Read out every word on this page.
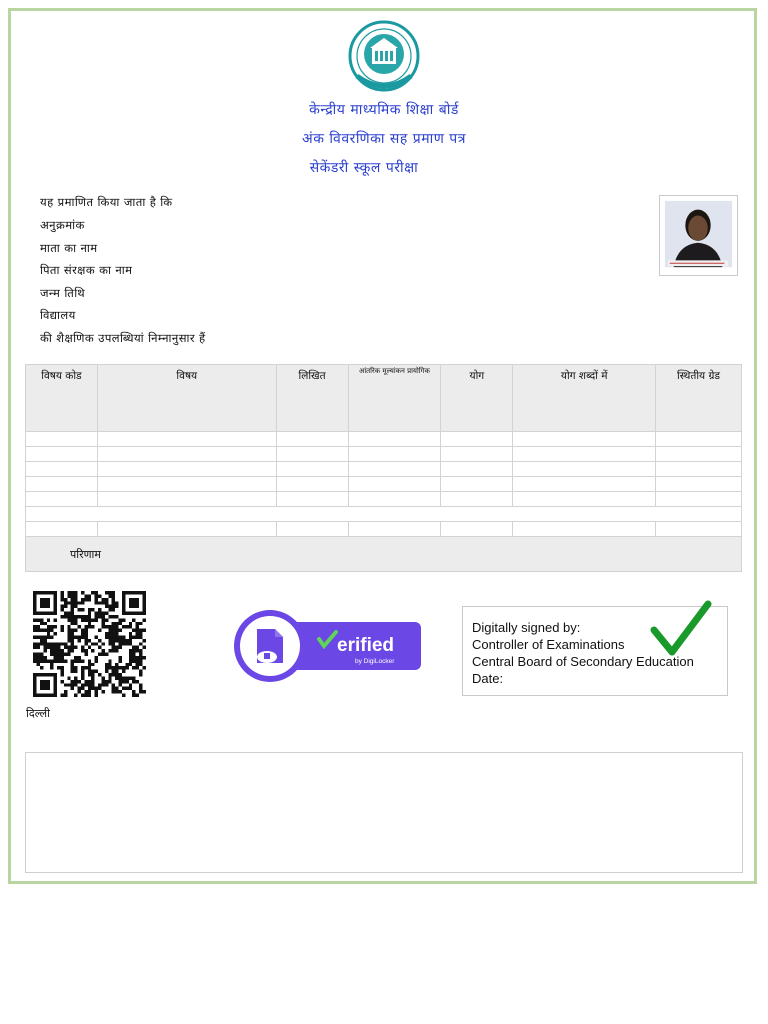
केन्द्रीय माध्यमिक शिक्षा बोर्ड
अंक विवरणिका सह प्रमाण पत्र
सेकेंडरी स्कूल परीक्षा
यह प्रमाणित किया जाता है कि
अनुक्रमांक
माता का नाम
पिता संरक्षक का नाम
जन्म तिथि
विद्यालय
की शैक्षणिक उपलब्धियां निम्नानुसार हैं
विषय कोड	विषय	लिखित	आंतरिक मूल्यांकन प्रायोगिक	योग	योग शब्दों में	स्थितीय ग्रेड

परिणाम						
दिल्ली
erified
by DigiLocker
Digitally signed by:
Controller of Examinations
Central Board of Secondary Education
Date:
